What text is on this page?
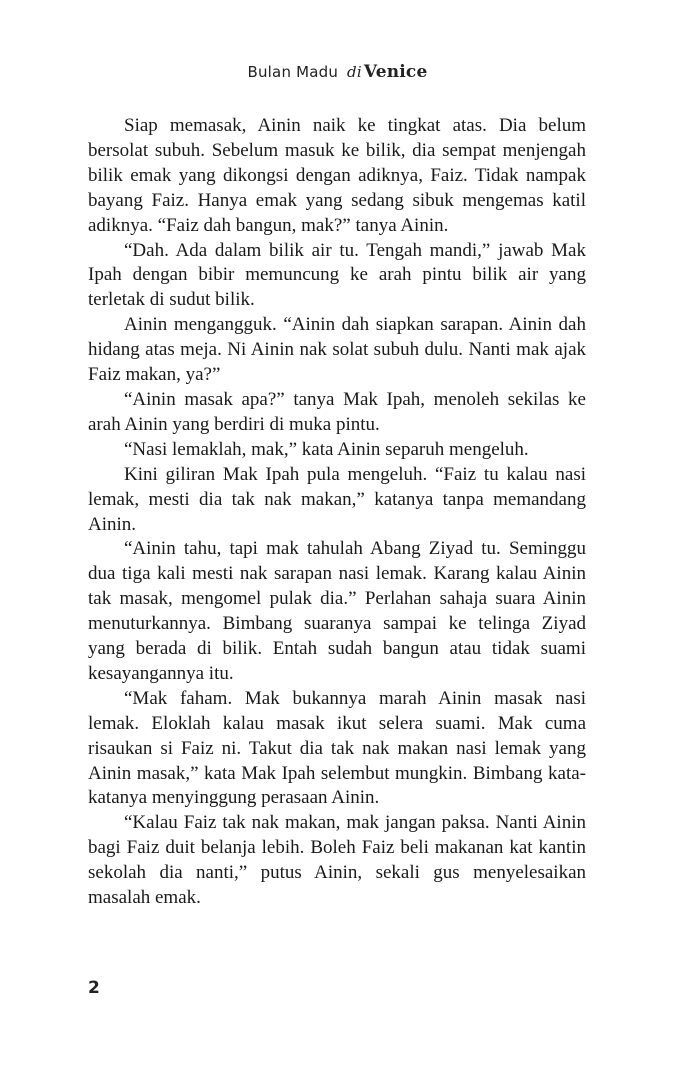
Bulan Madu di Venice

Siap memasak, Ainin naik ke tingkat atas. Dia belum bersolat subuh. Sebelum masuk ke bilik, dia sempat menjengah bilik emak yang dikongsi dengan adiknya, Faiz. Tidak nampak bayang Faiz. Hanya emak yang sedang sibuk mengemas katil adiknya. “Faiz dah bangun, mak?” tanya Ainin.

“Dah. Ada dalam bilik air tu. Tengah mandi,” jawab Mak Ipah dengan bibir memuncung ke arah pintu bilik air yang terletak di sudut bilik.

Ainin mengangguk. “Ainin dah siapkan sarapan. Ainin dah hidang atas meja. Ni Ainin nak solat subuh dulu. Nanti mak ajak Faiz makan, ya?”

“Ainin masak apa?” tanya Mak Ipah, menoleh sekilas ke arah Ainin yang berdiri di muka pintu.

“Nasi lemaklah, mak,” kata Ainin separuh mengeluh.

Kini giliran Mak Ipah pula mengeluh. “Faiz tu kalau nasi lemak, mesti dia tak nak makan,” katanya tanpa memandang Ainin.

“Ainin tahu, tapi mak tahulah Abang Ziyad tu. Seminggu dua tiga kali mesti nak sarapan nasi lemak. Karang kalau Ainin tak masak, mengomel pulak dia.” Perlahan sahaja suara Ainin menuturkannya. Bimbang suaranya sampai ke telinga Ziyad yang berada di bilik. Entah sudah bangun atau tidak suami kesayangannya itu.

“Mak faham. Mak bukannya marah Ainin masak nasi lemak. Eloklah kalau masak ikut selera suami. Mak cuma risaukan si Faiz ni. Takut dia tak nak makan nasi lemak yang Ainin masak,” kata Mak Ipah selembut mungkin. Bimbang kata-katanya menyinggung perasaan Ainin.

“Kalau Faiz tak nak makan, mak jangan paksa. Nanti Ainin bagi Faiz duit belanja lebih. Boleh Faiz beli makanan kat kantin sekolah dia nanti,” putus Ainin, sekali gus menyelesaikan masalah emak.

2
